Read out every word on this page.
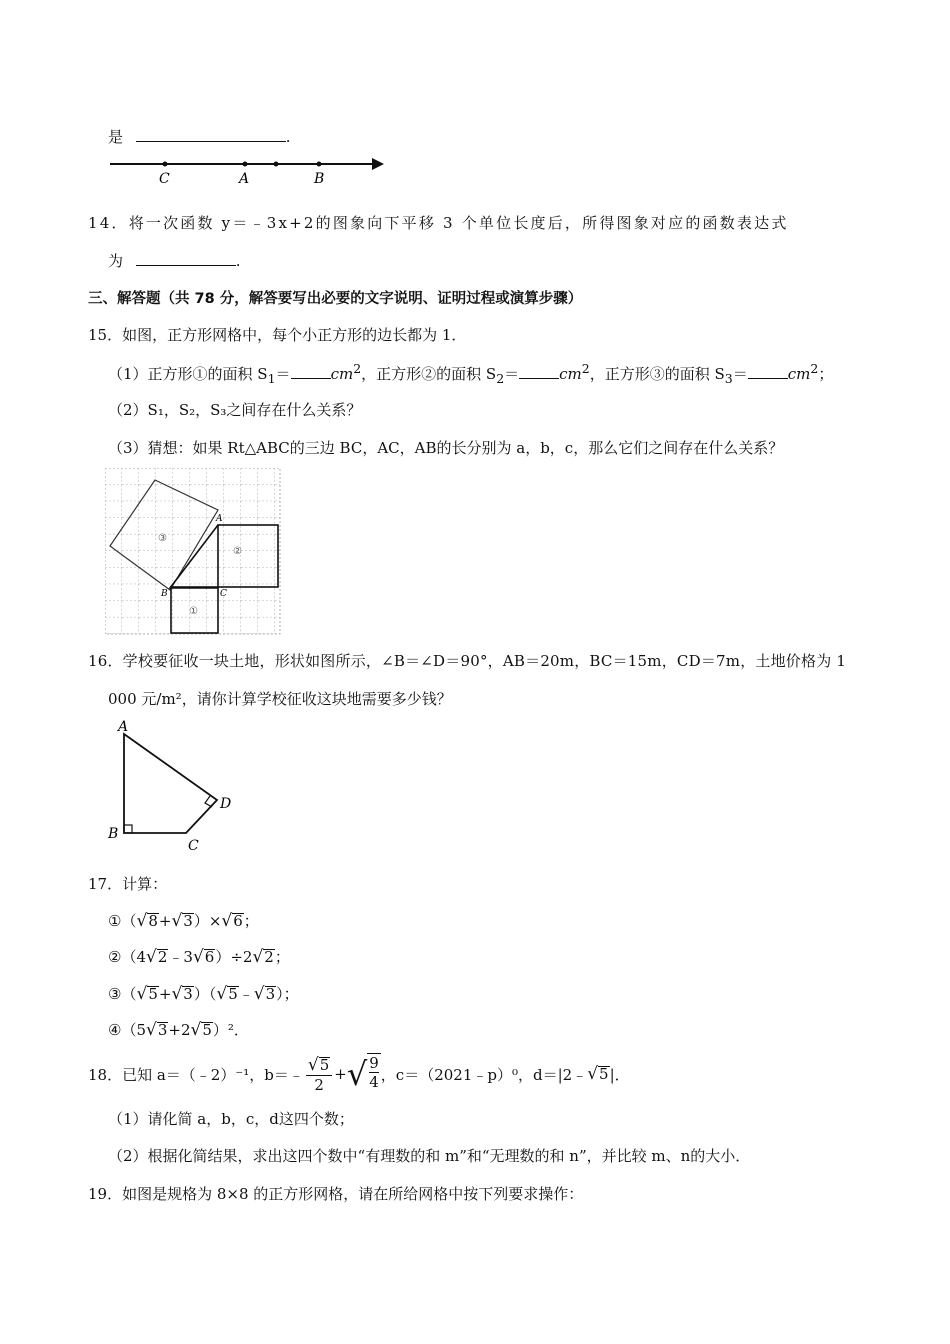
是	.
C	A	B
14．将一次函数 y＝﹣3x+2的图象向下平移 3 个单位长度后，所得图象对应的函数表达式
为	.
三、解答题（共 78 分，解答要写出必要的文字说明、证明过程或演算步骤）
15．如图，正方形网格中，每个小正方形的边长都为 1．
（1）正方形①的面积 $S_1=$	$cm^2$，正方形②的面积 $S_2=$	$cm^2$，正方形③的面积 $S_3=$	$cm^2$；
（2）S₁，S₂，S₃之间存在什么关系？
（3）猜想：如果 Rt△ABC的三边 BC，AC，AB的长分别为 a，b，c，那么它们之间存在什么关系？
A
B	C
③
②
①
16．学校要征收一块土地，形状如图所示，∠B＝∠D＝90°，AB＝20m，BC＝15m，CD＝7m，土地价格为 1
000 元/m²，请你计算学校征收这块地需要多少钱？
A
B
C
D
17．计算：
①（√8+√3）×√6；
②（4√2﹣3√6）÷2√2；
③（√5+√3）（√5﹣√3）；
④（5√3+2√5）²．
18．已知 a＝（﹣2）⁻¹，b＝﹣ √5
2
+ √ 9
4 ，c＝（2021﹣p）⁰，d＝|2﹣ √ 5 |．
（1）请化简 a，b，c，d这四个数；
（2）根据化简结果，求出这四个数中“有理数的和 m”和“无理数的和 n”，并比较 m、n的大小．
19．如图是规格为 8×8 的正方形网格，请在所给网格中按下列要求操作：
